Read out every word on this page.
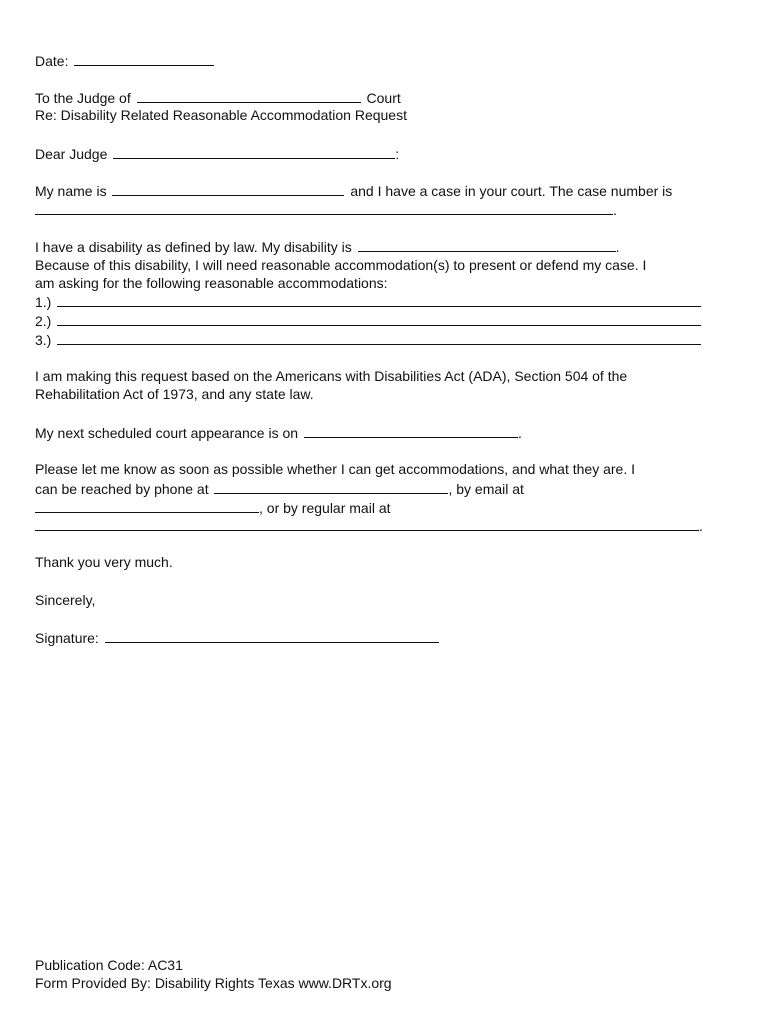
Date:
To the Judge of	Court
Re: Disability Related Reasonable Accommodation Request
Dear Judge	:
My name is	and I have a case in your court. The case number is
.
I have a disability as defined by law. My disability is	.
Because of this disability, I will need reasonable accommodation(s) to present or defend my case. I
am asking for the following reasonable accommodations:
1.)
2.)
3.)
I am making this request based on the Americans with Disabilities Act (ADA), Section 504 of the
Rehabilitation Act of 1973, and any state law.
My next scheduled court appearance is on	.
Please let me know as soon as possible whether I can get accommodations, and what they are. I
can be reached by phone at	, by email at
, or by regular mail at
.
Thank you very much.
Sincerely,
Signature:
Publication Code: AC31
Form Provided By: Disability Rights Texas www.DRTx.org
